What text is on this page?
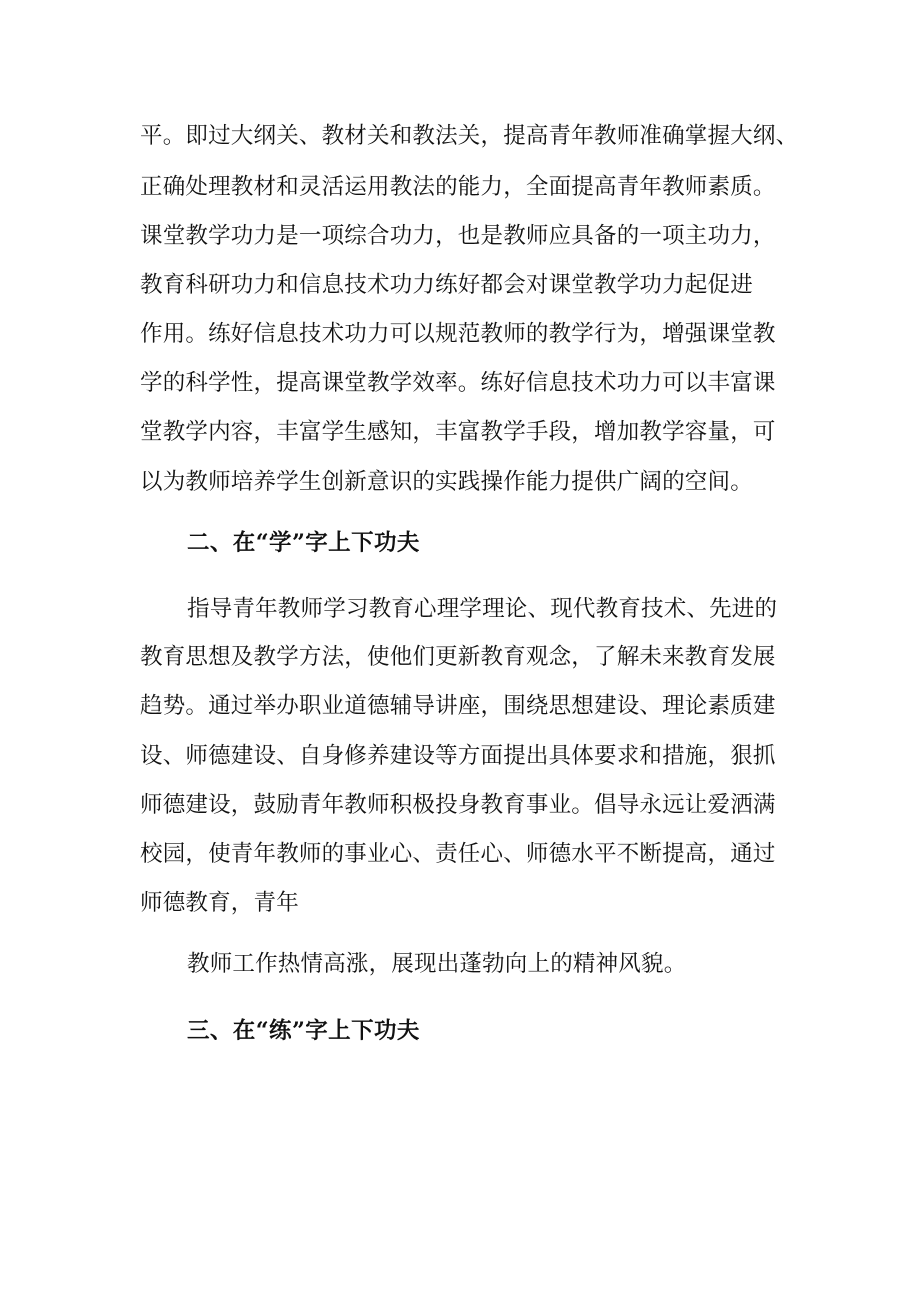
平。即过大纲关、教材关和教法关，提高青年教师准确掌握大纲、
正确处理教材和灵活运用教法的能力，全面提高青年教师素质。
课堂教学功力是一项综合功力，也是教师应具备的一项主功力，
教育科研功力和信息技术功力练好都会对课堂教学功力起促进
作用。练好信息技术功力可以规范教师的教学行为，增强课堂教
学的科学性，提高课堂教学效率。练好信息技术功力可以丰富课
堂教学内容，丰富学生感知，丰富教学手段，增加教学容量，可
以为教师培养学生创新意识的实践操作能力提供广阔的空间。
二、在“学”字上下功夫
指导青年教师学习教育心理学理论、现代教育技术、先进的
教育思想及教学方法，使他们更新教育观念，了解未来教育发展
趋势。通过举办职业道德辅导讲座，围绕思想建设、理论素质建
设、师德建设、自身修养建设等方面提出具体要求和措施，狠抓
师德建设，鼓励青年教师积极投身教育事业。倡导永远让爱洒满
校园，使青年教师的事业心、责任心、师德水平不断提高，通过
师德教育，青年
教师工作热情高涨，展现出蓬勃向上的精神风貌。
三、在“练”字上下功夫
